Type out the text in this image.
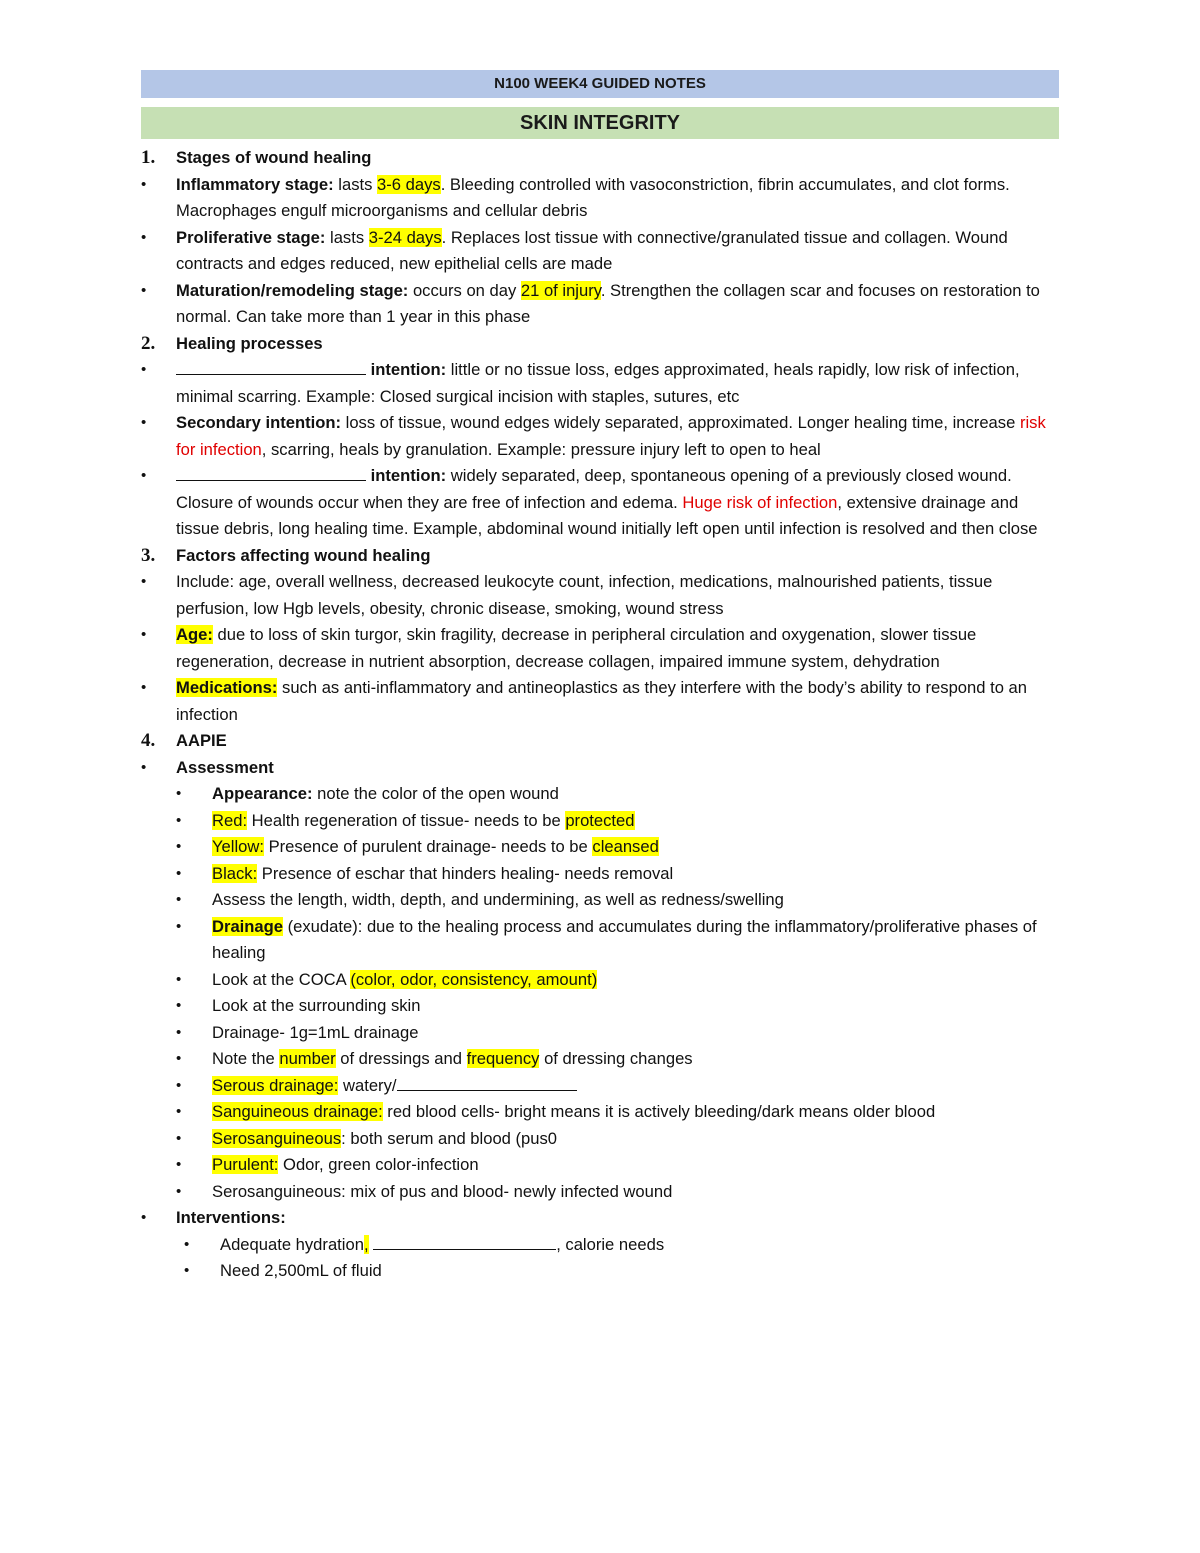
N100 WEEK4 GUIDED NOTES
SKIN INTEGRITY
1. Stages of wound healing
• Inflammatory stage: lasts 3-6 days. Bleeding controlled with vasoconstriction, fibrin accumulates, and clot forms. Macrophages engulf microorganisms and cellular debris
• Proliferative stage: lasts 3-24 days. Replaces lost tissue with connective/granulated tissue and collagen. Wound contracts and edges reduced, new epithelial cells are made
• Maturation/remodeling stage: occurs on day 21 of injury. Strengthen the collagen scar and focuses on restoration to normal. Can take more than 1 year in this phase
2. Healing processes
•	intention: little or no tissue loss, edges approximated, heals rapidly, low risk of infection, minimal scarring. Example: Closed surgical incision with staples, sutures, etc
• Secondary intention: loss of tissue, wound edges widely separated, approximated. Longer healing time, increase risk for infection, scarring, heals by granulation. Example: pressure injury left to open to heal
•	intention: widely separated, deep, spontaneous opening of a previously closed wound. Closure of wounds occur when they are free of infection and edema. Huge risk of infection, extensive drainage and tissue debris, long healing time. Example, abdominal wound initially left open until infection is resolved and then close
3. Factors affecting wound healing
• Include: age, overall wellness, decreased leukocyte count, infection, medications, malnourished patients, tissue perfusion, low Hgb levels, obesity, chronic disease, smoking, wound stress
• Age: due to loss of skin turgor, skin fragility, decrease in peripheral circulation and oxygenation, slower tissue regeneration, decrease in nutrient absorption, decrease collagen, impaired immune system, dehydration
• Medications: such as anti-inflammatory and antineoplastics as they interfere with the body’s ability to respond to an infection
4. AAPIE
• Assessment
• Appearance: note the color of the open wound
• Red: Health regeneration of tissue- needs to be protected
• Yellow: Presence of purulent drainage- needs to be cleansed
• Black: Presence of eschar that hinders healing- needs removal
• Assess the length, width, depth, and undermining, as well as redness/swelling
• Drainage (exudate): due to the healing process and accumulates during the inflammatory/proliferative phases of healing
• Look at the COCA (color, odor, consistency, amount)
• Look at the surrounding skin
• Drainage- 1g=1mL drainage
• Note the number of dressings and frequency of dressing changes
• Serous drainage: watery/
• Sanguineous drainage: red blood cells- bright means it is actively bleeding/dark means older blood
• Serosanguineous: both serum and blood (pus0
• Purulent: Odor, green color-infection
• Serosanguineous: mix of pus and blood- newly infected wound
• Interventions:
• Adequate hydration,	, calorie needs
• Need 2,500mL of fluid
